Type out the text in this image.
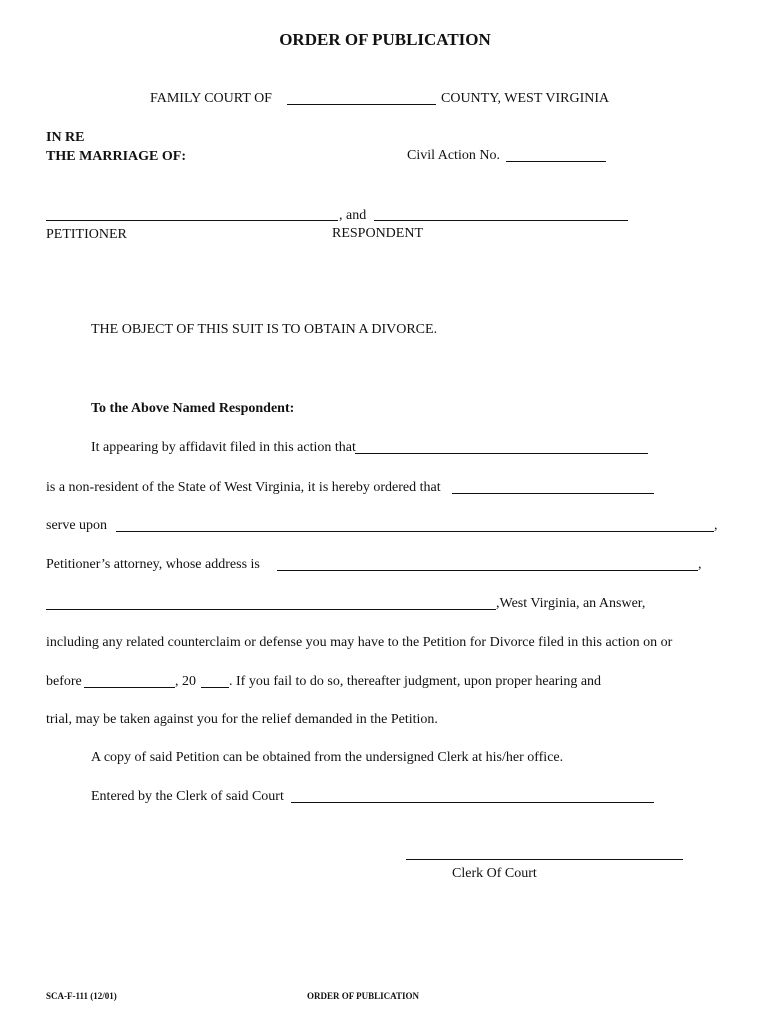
ORDER OF PUBLICATION
FAMILY COURT OF	COUNTY, WEST VIRGINIA
IN RE
THE MARRIAGE OF:	Civil Action No.
, and
PETITIONER	RESPONDENT
THE OBJECT OF THIS SUIT IS TO OBTAIN A DIVORCE.
To the Above Named Respondent:
It appearing by affidavit filed in this action that
is a non-resident of the State of West Virginia, it is hereby ordered that
serve upon	,
Petitioner’s attorney, whose address is	,
,West Virginia, an Answer,
including any related counterclaim or defense you may have to the Petition for Divorce filed in this action on or
before	, 20 . If you fail to do so, thereafter judgment, upon proper hearing and
trial, may be taken against you for the relief demanded in the Petition.
A copy of said Petition can be obtained from the undersigned Clerk at his/her office.
Entered by the Clerk of said Court
Clerk Of Court
SCA-F-111 (12/01)	ORDER OF PUBLICATION
